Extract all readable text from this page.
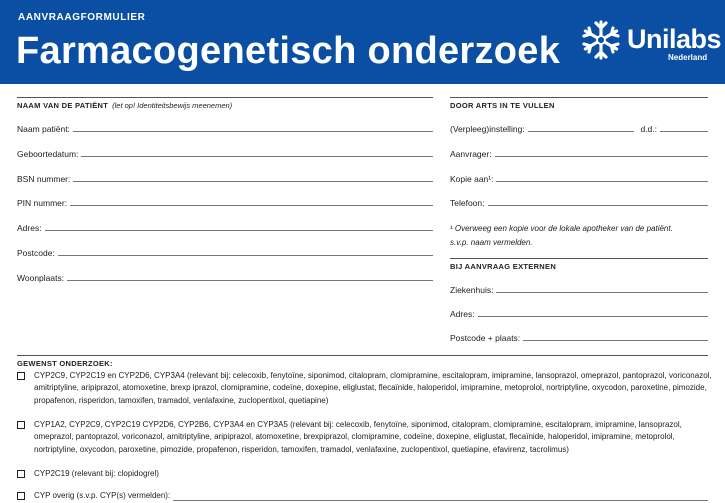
AANVRAAGFORMULIER
Farmacogenetisch onderzoek Unilabs
Nederland
NAAM VAN DE PATIËNT (let op! Identiteitsbewijs meenemen)
Naam patiënt:
Geboortedatum:
BSN nummer:
PIN nummer:
Adres:
Postcode:
Woonplaats:
DOOR ARTS IN TE VULLEN
(Verpleeg)instelling:	d.d.:
Aanvrager:
Kopie aan¹:
Telefoon:
¹ Overweeg een kopie voor de lokale apotheker van de patiënt.
s.v.p. naam vermelden.
BIJ AANVRAAG EXTERNEN
Ziekenhuis:
Adres:
Postcode + plaats:
GEWENST ONDERZOEK:
CYP2C9, CYP2C19 en CYP2D6, CYP3A4 (relevant bij: celecoxib, fenytoïne, siponimod, citalopram, clomipramine, escitalopram, imipramine, lansoprazol, omeprazol, pantoprazol, voriconazol, amitriptyline, aripiprazol, atomoxetine, brexp iprazol, clomipramine, codeïne, doxepine, eliglustat, flecaïnide, haloperidol, imipramine, metoprolol, nortriptyline, oxycodon, paroxetine, pimozide, propafenon, risperidon, tamoxifen, tramadol, venlafaxine, zuclopentixol, quetiapine)
CYP1A2, CYP2C9, CYP2C19 CYP2D6, CYP2B6, CYP3A4 en CYP3A5 (relevant bij: celecoxib, fenytoïne, siponimod, citalopram, clomipramine, escitalopram, imipramine, lansoprazol, omeprazol, pantoprazol, voriconazol, amitriptyline, aripiprazol, atomoxetine, brexpiprazol, clomipramine, codeïne, doxepine, eliglustat, flecaïnide, haloperidol, imipramine, metoprolol, nortriptyline, oxycodon, paroxetine, pimozide, propafenon, risperidon, tamoxifen, tramadol, venlafaxine, zuclopentixol, quetiapine, efavirenz, tacrolimus)
CYP2C19 (relevant bij: clopidogrel)
CYP overig (s.v.p. CYP(s) vermelden):
